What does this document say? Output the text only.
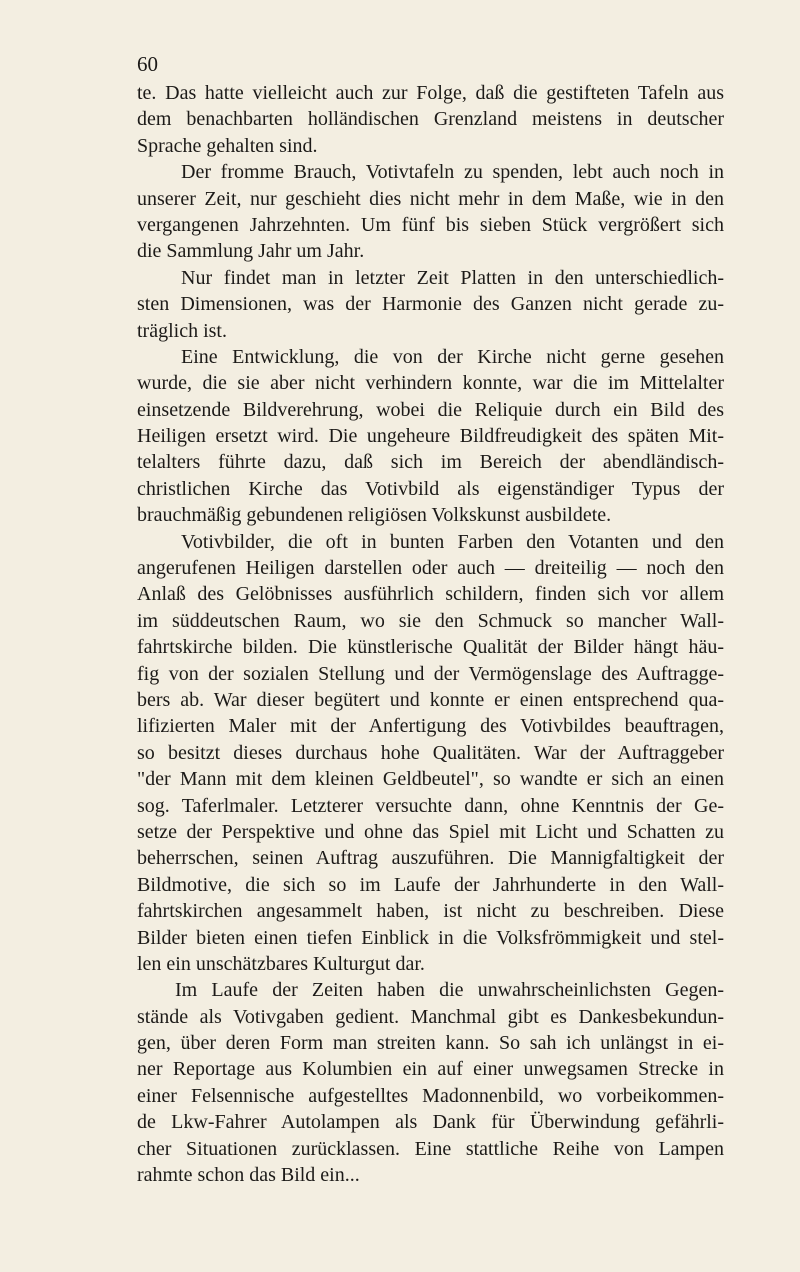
60
te. Das hatte vielleicht auch zur Folge, daß die gestifteten Tafeln aus
dem benachbarten holländischen Grenzland meistens in deutscher
Sprache gehalten sind.
Der fromme Brauch, Votivtafeln zu spenden, lebt auch noch in
unserer Zeit, nur geschieht dies nicht mehr in dem Maße, wie in den
vergangenen Jahrzehnten. Um fünf bis sieben Stück vergrößert sich
die Sammlung Jahr um Jahr.
Nur findet man in letzter Zeit Platten in den unterschiedlich-
sten Dimensionen, was der Harmonie des Ganzen nicht gerade zu-
träglich ist.
Eine Entwicklung, die von der Kirche nicht gerne gesehen
wurde, die sie aber nicht verhindern konnte, war die im Mittelalter
einsetzende Bildverehrung, wobei die Reliquie durch ein Bild des
Heiligen ersetzt wird. Die ungeheure Bildfreudigkeit des späten Mit-
telalters führte dazu, daß sich im Bereich der abendländisch-
christlichen Kirche das Votivbild als eigenständiger Typus der
brauchmäßig gebundenen religiösen Volkskunst ausbildete.
Votivbilder, die oft in bunten Farben den Votanten und den
angerufenen Heiligen darstellen oder auch — dreiteilig — noch den
Anlaß des Gelöbnisses ausführlich schildern, finden sich vor allem
im süddeutschen Raum, wo sie den Schmuck so mancher Wall-
fahrtskirche bilden. Die künstlerische Qualität der Bilder hängt häu-
fig von der sozialen Stellung und der Vermögenslage des Auftragge-
bers ab. War dieser begütert und konnte er einen entsprechend qua-
lifizierten Maler mit der Anfertigung des Votivbildes beauftragen,
so besitzt dieses durchaus hohe Qualitäten. War der Auftraggeber
"der Mann mit dem kleinen Geldbeutel", so wandte er sich an einen
sog. Taferlmaler. Letzterer versuchte dann, ohne Kenntnis der Ge-
setze der Perspektive und ohne das Spiel mit Licht und Schatten zu
beherrschen, seinen Auftrag auszuführen. Die Mannigfaltigkeit der
Bildmotive, die sich so im Laufe der Jahrhunderte in den Wall-
fahrtskirchen angesammelt haben, ist nicht zu beschreiben. Diese
Bilder bieten einen tiefen Einblick in die Volksfrömmigkeit und stel-
len ein unschätzbares Kulturgut dar.
Im Laufe der Zeiten haben die unwahrscheinlichsten Gegen-
stände als Votivgaben gedient. Manchmal gibt es Dankesbekundun-
gen, über deren Form man streiten kann. So sah ich unlängst in ei-
ner Reportage aus Kolumbien ein auf einer unwegsamen Strecke in
einer Felsennische aufgestelltes Madonnenbild, wo vorbeikommen-
de Lkw-Fahrer Autolampen als Dank für Überwindung gefährli-
cher Situationen zurücklassen. Eine stattliche Reihe von Lampen
rahmte schon das Bild ein...
